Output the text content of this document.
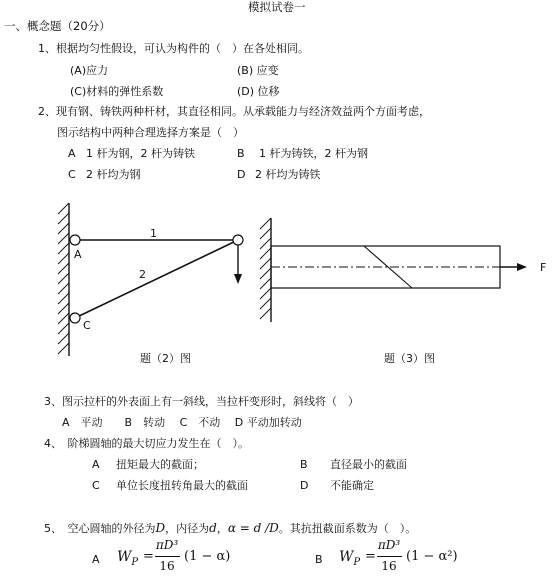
模拟试卷一
一、概念题（20分）
1、根据均匀性假设，可认为构件的（　）在各处相同。
(A)应力	(B) 应变
(C)材料的弹性系数	(D) 位移
2、现有钢、铸铁两种杆材，其直径相同。从承载能力与经济效益两个方面考虑，
图示结构中两种合理选择方案是（　）
A 1 杆为钢，2 杆为铸铁	B 1 杆为铸铁，2 杆为钢
C 2 杆均为钢	D 2 杆均为铸铁
1
2
A
C
题（2）图
F
题（3）图
3、图示拉杆的外表面上有一斜线，当拉杆变形时，斜线将（　）
A　平动　　B　转动　 C　不动　 D 平动加转动
4、　阶梯圆轴的最大切应力发生在（　）。
A 扭矩最大的截面；	B 直径最小的截面
C 单位长度扭转角最大的截面	D 不能确定
5、　空心圆轴的外径为D，内径为d，α = d /D。其抗扭截面系数为（　）。
A $W_P$ =
πD³
16
(1 − α)	B $W_P$ =
πD³
16
(1 − α²)
